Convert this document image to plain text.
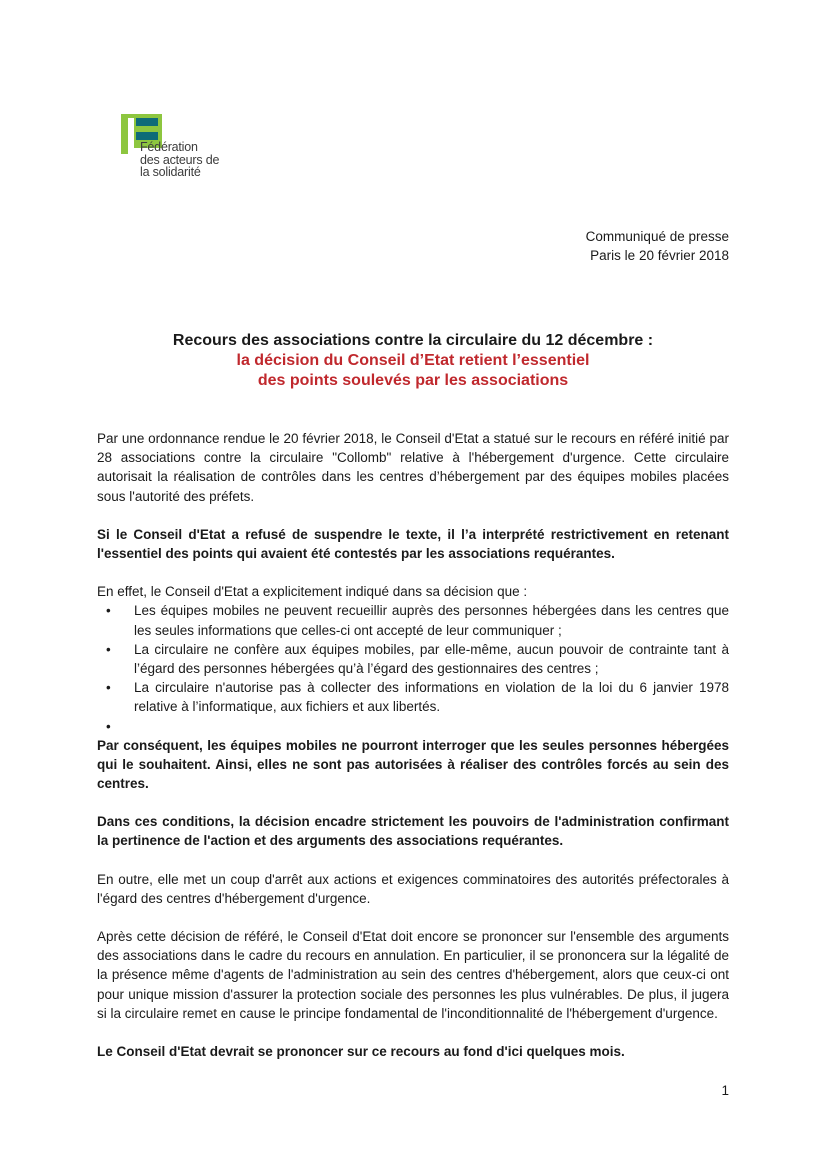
Fédération
des acteurs de
la solidarité
Communiqué de presse
Paris le 20 février 2018
Recours des associations contre la circulaire du 12 décembre :
la décision du Conseil d’Etat retient l’essentiel
des points soulevés par les associations

Par une ordonnance rendue le 20 février 2018, le Conseil d'Etat a statué sur le recours en référé initié par 28 associations contre la circulaire "Collomb" relative à l'hébergement d'urgence. Cette circulaire autorisait la réalisation de contrôles dans les centres d’hébergement par des équipes mobiles placées sous l'autorité des préfets.

Si le Conseil d'Etat a refusé de suspendre le texte, il l’a interprété restrictivement en retenant l'essentiel des points qui avaient été contestés par les associations requérantes.

En effet, le Conseil d'Etat a explicitement indiqué dans sa décision que :

• Les équipes mobiles ne peuvent recueillir auprès des personnes hébergées dans les centres que les seules informations que celles-ci ont accepté de leur communiquer ;
• La circulaire ne confère aux équipes mobiles, par elle-même, aucun pouvoir de contrainte tant à l’égard des personnes hébergées qu’à l’égard des gestionnaires des centres ;
• La circulaire n'autorise pas à collecter des informations en violation de la loi du 6 janvier 1978 relative à l’informatique, aux fichiers et aux libertés.
•

Par conséquent, les équipes mobiles ne pourront interroger que les seules personnes hébergées qui le souhaitent. Ainsi, elles ne sont pas autorisées à réaliser des contrôles forcés au sein des centres.

Dans ces conditions, la décision encadre strictement les pouvoirs de l'administration confirmant la pertinence de l'action et des arguments des associations requérantes.

En outre, elle met un coup d'arrêt aux actions et exigences comminatoires des autorités préfectorales à l'égard des centres d'hébergement d'urgence.

Après cette décision de référé, le Conseil d'Etat doit encore se prononcer sur l'ensemble des arguments des associations dans le cadre du recours en annulation. En particulier, il se prononcera sur la légalité de la présence même d'agents de l'administration au sein des centres d'hébergement, alors que ceux-ci ont pour unique mission d'assurer la protection sociale des personnes les plus vulnérables. De plus, il jugera si la circulaire remet en cause le principe fondamental de l'inconditionnalité de l'hébergement d'urgence.

Le Conseil d'Etat devrait se prononcer sur ce recours au fond d'ici quelques mois.

1
